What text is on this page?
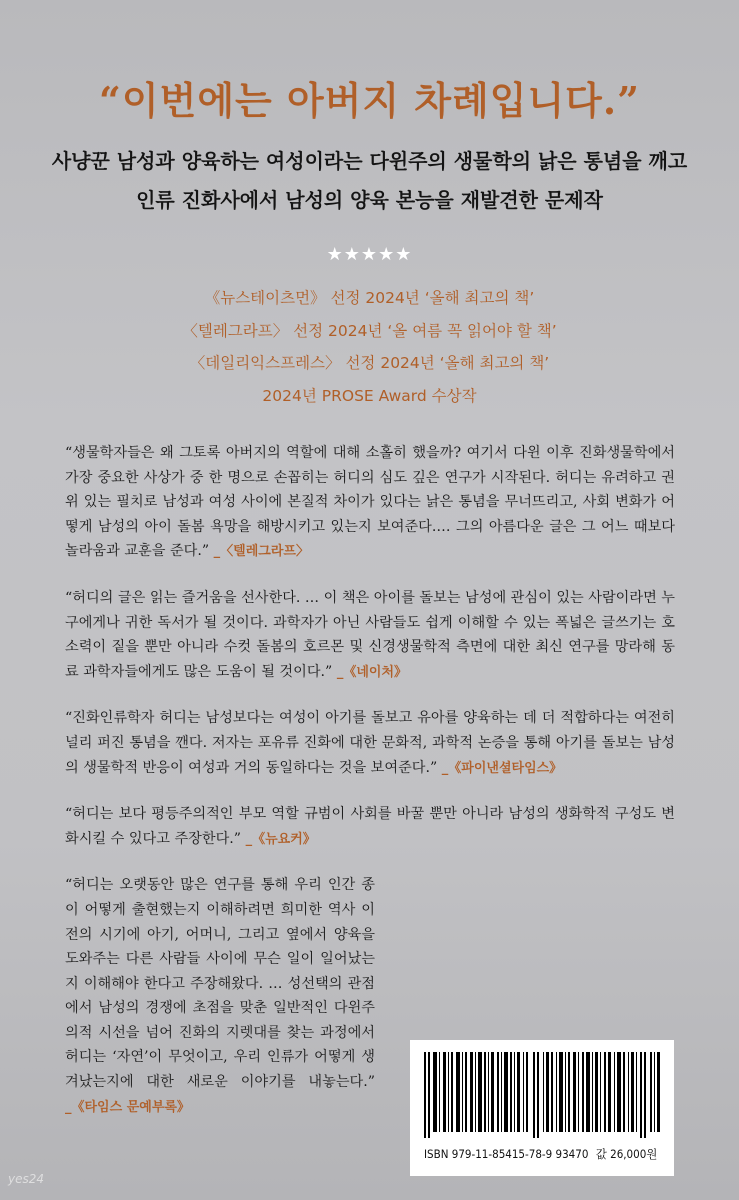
“이번에는 아버지 차례입니다.”
사냥꾼 남성과 양육하는 여성이라는 다윈주의 생물학의 낡은 통념을 깨고
인류 진화사에서 남성의 양육 본능을 재발견한 문제작
★★★★★
《뉴스테이츠먼》 선정 2024년 ‘올해 최고의 책’
〈텔레그라프〉 선정 2024년 ‘올 여름 꼭 읽어야 할 책’
〈데일리익스프레스〉 선정 2024년 ‘올해 최고의 책’
2024년 PROSE Award 수상작

“생물학자들은 왜 그토록 아버지의 역할에 대해 소홀히 했을까? 여기서 다윈 이후 진화생물학에서 가장 중요한 사상가 중 한 명으로 손꼽히는 허디의 심도 깊은 연구가 시작된다. 허디는 유려하고 권위 있는 필치로 남성과 여성 사이에 본질적 차이가 있다는 낡은 통념을 무너뜨리고, 사회 변화가 어떻게 남성의 아이 돌봄 욕망을 해방시키고 있는지 보여준다.… 그의 아름다운 글은 그 어느 때보다 놀라움과 교훈을 준다.” _〈텔레그라프〉

“허디의 글은 읽는 즐거움을 선사한다. … 이 책은 아이를 돌보는 남성에 관심이 있는 사람이라면 누구에게나 귀한 독서가 될 것이다. 과학자가 아닌 사람들도 쉽게 이해할 수 있는 폭넓은 글쓰기는 호소력이 짙을 뿐만 아니라 수컷 돌봄의 호르몬 및 신경생물학적 측면에 대한 최신 연구를 망라해 동료 과학자들에게도 많은 도움이 될 것이다.” _《네이처》

“진화인류학자 허디는 남성보다는 여성이 아기를 돌보고 유아를 양육하는 데 더 적합하다는 여전히 널리 퍼진 통념을 깬다. 저자는 포유류 진화에 대한 문화적, 과학적 논증을 통해 아기를 돌보는 남성의 생물학적 반응이 여성과 거의 동일하다는 것을 보여준다.” _《파이낸셜타임스》

“허디는 보다 평등주의적인 부모 역할 규범이 사회를 바꿀 뿐만 아니라 남성의 생화학적 구성도 변화시킬 수 있다고 주장한다.” _《뉴요커》

“허디는 오랫동안 많은 연구를 통해 우리 인간 종이 어떻게 출현했는지 이해하려면 희미한 역사 이전의 시기에 아기, 어머니, 그리고 옆에서 양육을 도와주는 다른 사람들 사이에 무슨 일이 일어났는지 이해해야 한다고 주장해왔다. … 성선택의 관점에서 남성의 경쟁에 초점을 맞춘 일반적인 다윈주의적 시선을 넘어 진화의 지렛대를 찾는 과정에서 허디는 ‘자연’이 무엇이고, 우리 인류가 어떻게 생겨났는지에 대한 새로운 이야기를 내놓는다.” _《타임스 문예부록》

ISBN 979-11-85415-78-9 93470 값 26,000원
yes24
